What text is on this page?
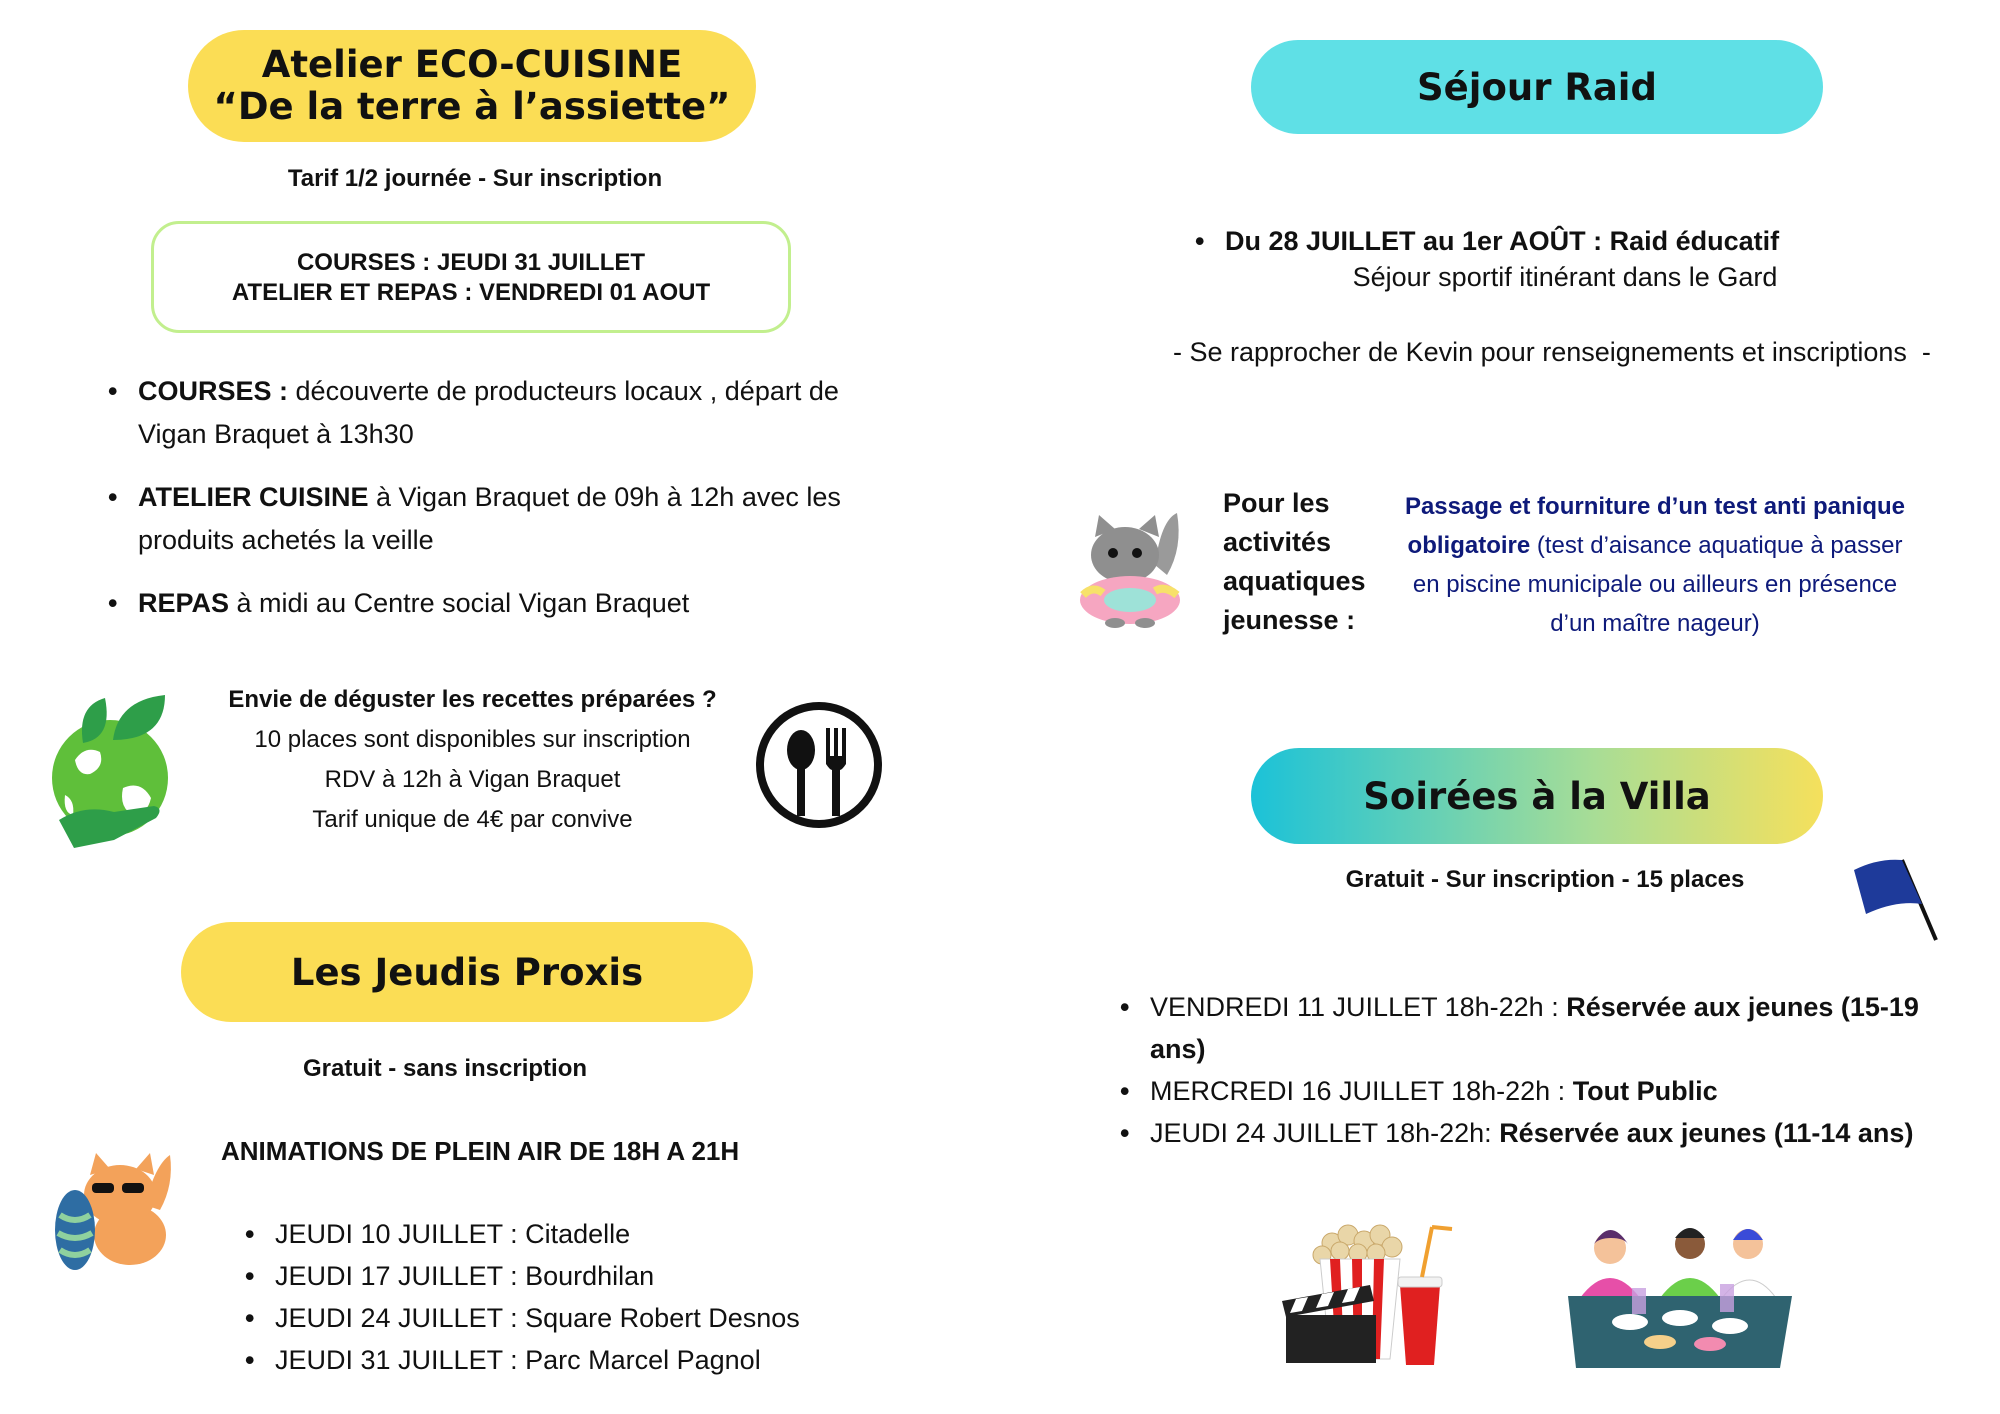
Atelier ECO-CUISINE
“De la terre à l’assiette”
Tarif 1/2 journée - Sur inscription
COURSES : JEUDI 31 JUILLET
ATELIER ET REPAS : VENDREDI 01 AOUT
• COURSES : découverte de producteurs locaux , départ de Vigan Braquet à 13h30
• ATELIER CUISINE à Vigan Braquet de 09h à 12h avec les produits achetés la veille
• REPAS à midi au Centre social Vigan Braquet
Envie de déguster les recettes préparées ?
10 places sont disponibles sur inscription
RDV à 12h à Vigan Braquet
Tarif unique de 4€ par convive
Les Jeudis Proxis
Gratuit - sans inscription
ANIMATIONS DE PLEIN AIR DE 18H A 21H
• JEUDI 10 JUILLET : Citadelle
• JEUDI 17 JUILLET : Bourdhilan
• JEUDI 24 JUILLET : Square Robert Desnos
• JEUDI 31 JUILLET : Parc Marcel Pagnol
Séjour Raid
• Du 28 JUILLET au 1er AOÛT : Raid éducatif
Séjour sportif itinérant dans le Gard
- Se rapprocher de Kevin pour renseignements et inscriptions  -
Pour les
activités
aquatiques
jeunesse :
Passage et fourniture d’un test anti panique
obligatoire (test d’aisance aquatique à passer
en piscine municipale ou ailleurs en présence
d’un maître nageur)
Soirées à la Villa
Gratuit - Sur inscription - 15 places
• VENDREDI 11 JUILLET 18h-22h : Réservée aux jeunes (15-19 ans)
• MERCREDI 16 JUILLET 18h-22h : Tout Public
• JEUDI 24 JUILLET 18h-22h: Réservée aux jeunes (11-14 ans)
